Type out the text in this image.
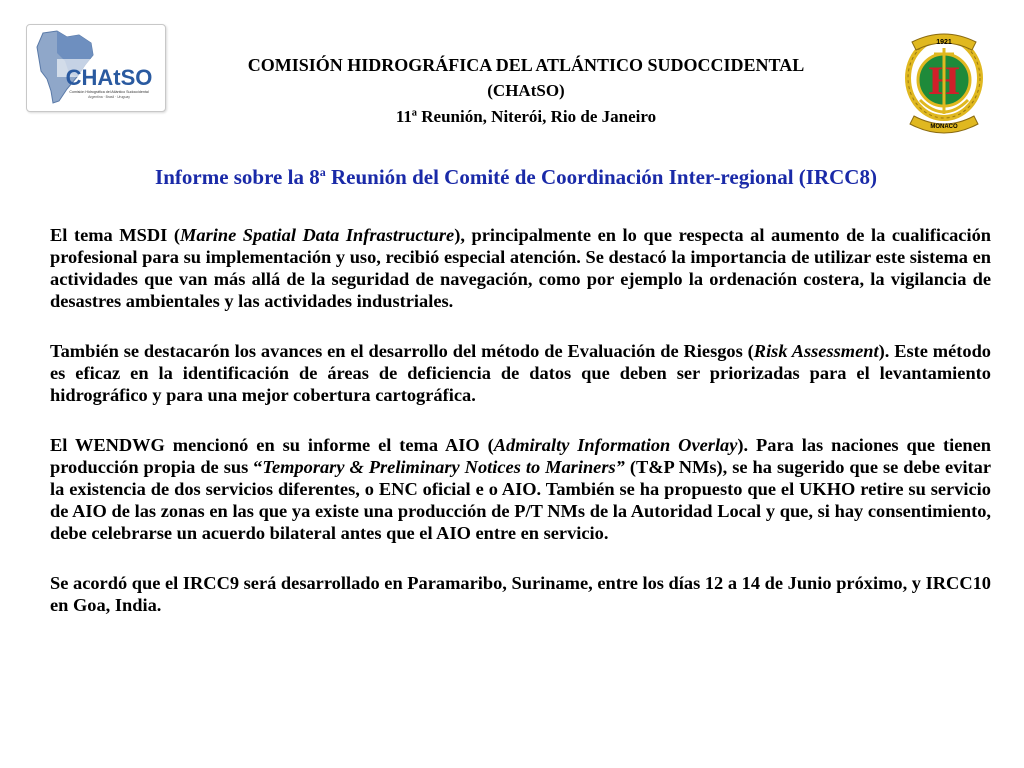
CHAtSO
Comisión Hidrográfica del Atlántico Sudoccidental
Argentina · Brasil · Uruguay
1921
H
MONACO
COMISIÓN HIDROGRÁFICA DEL ATLÁNTICO SUDOCCIDENTAL
(CHAtSO)
11ª Reunión, Niterói, Rio de Janeiro
Informe sobre la 8$^a$ Reunión del Comité de Coordinación Inter-regional (IRCC8)

El tema MSDI (Marine Spatial Data Infrastructure), principalmente en lo que respecta al aumento de la cualificación profesional para su implementación y uso, recibió especial atención. Se destacó la importancia de utilizar este sistema en actividades que van más allá de la seguridad de navegación, como por ejemplo la ordenación costera, la vigilancia de desastres ambientales y las actividades industriales.

También se destacarón los avances en el desarrollo del método de Evaluación de Riesgos (Risk Assessment). Este método es eficaz en la identificación de áreas de deficiencia de datos que deben ser priorizadas para el levantamiento hidrográfico y para una mejor cobertura cartográfica.

El WENDWG mencionó en su informe el tema AIO (Admiralty Information Overlay). Para las naciones que tienen producción propia de sus “Temporary & Preliminary Notices to Mariners” (T&P NMs), se ha sugerido que se debe evitar la existencia de dos servicios diferentes, o ENC oficial e o AIO. También se ha propuesto que el UKHO retire su servicio de AIO de las zonas en las que ya existe una producción de P/T NMs de la Autoridad Local y que, si hay consentimiento, debe celebrarse un acuerdo bilateral antes que el AIO entre en servicio.

Se acordó que el IRCC9 será desarrollado en Paramaribo, Suriname, entre los días 12 a 14 de Junio próximo, y IRCC10 en Goa, India.
